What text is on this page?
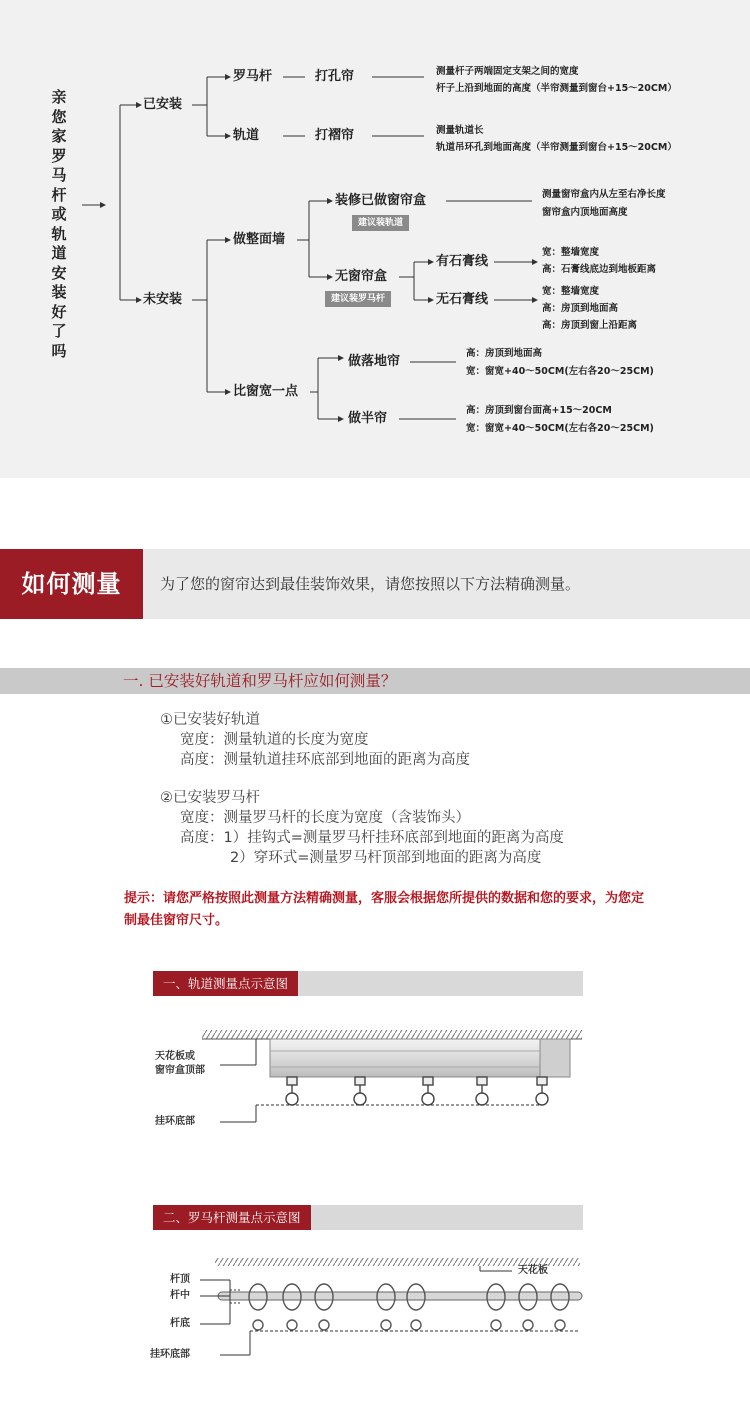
亲您家罗马杆或轨道安装好了吗
已安装
未安装
罗马杆	打孔帘	测量杆子两端固定支架之间的宽度
杆子上沿到地面的高度（半帘测量到窗台+15～20CM）
轨道	打褶帘	测量轨道长
轨道吊环孔到地面高度（半帘测量到窗台+15～20CM）
做整面墙
装修已做窗帘盒
建议装轨道
测量窗帘盒内从左至右净长度
窗帘盒内顶地面高度
无窗帘盒
建议装罗马杆
有石膏线
宽：整墙宽度
高：石膏线底边到地板距离
无石膏线
宽：整墙宽度
高：房顶到地面高
高：房顶到窗上沿距离
比窗宽一点
做落地帘
高：房顶到地面高
宽：窗宽+40～50CM(左右各20～25CM)
做半帘
高：房顶到窗台面高+15～20CM
宽：窗宽+40～50CM(左右各20～25CM)
如何测量	为了您的窗帘达到最佳装饰效果，请您按照以下方法精确测量。
一. 已安装好轨道和罗马杆应如何测量？
①已安装好轨道
宽度：测量轨道的长度为宽度
高度：测量轨道挂环底部到地面的距离为高度
②已安装罗马杆
宽度：测量罗马杆的长度为宽度（含装饰头）
高度：1）挂钩式=测量罗马杆挂环底部到地面的距离为高度
2）穿环式=测量罗马杆顶部到地面的距离为高度
提示：请您严格按照此测量方法精确测量，客服会根据您所提供的数据和您的要求，为您定制最佳窗帘尺寸。
一、轨道测量点示意图
天花板或
窗帘盒顶部
挂环底部
二、罗马杆测量点示意图
天花板
杆顶
杆中
杆底
挂环底部
